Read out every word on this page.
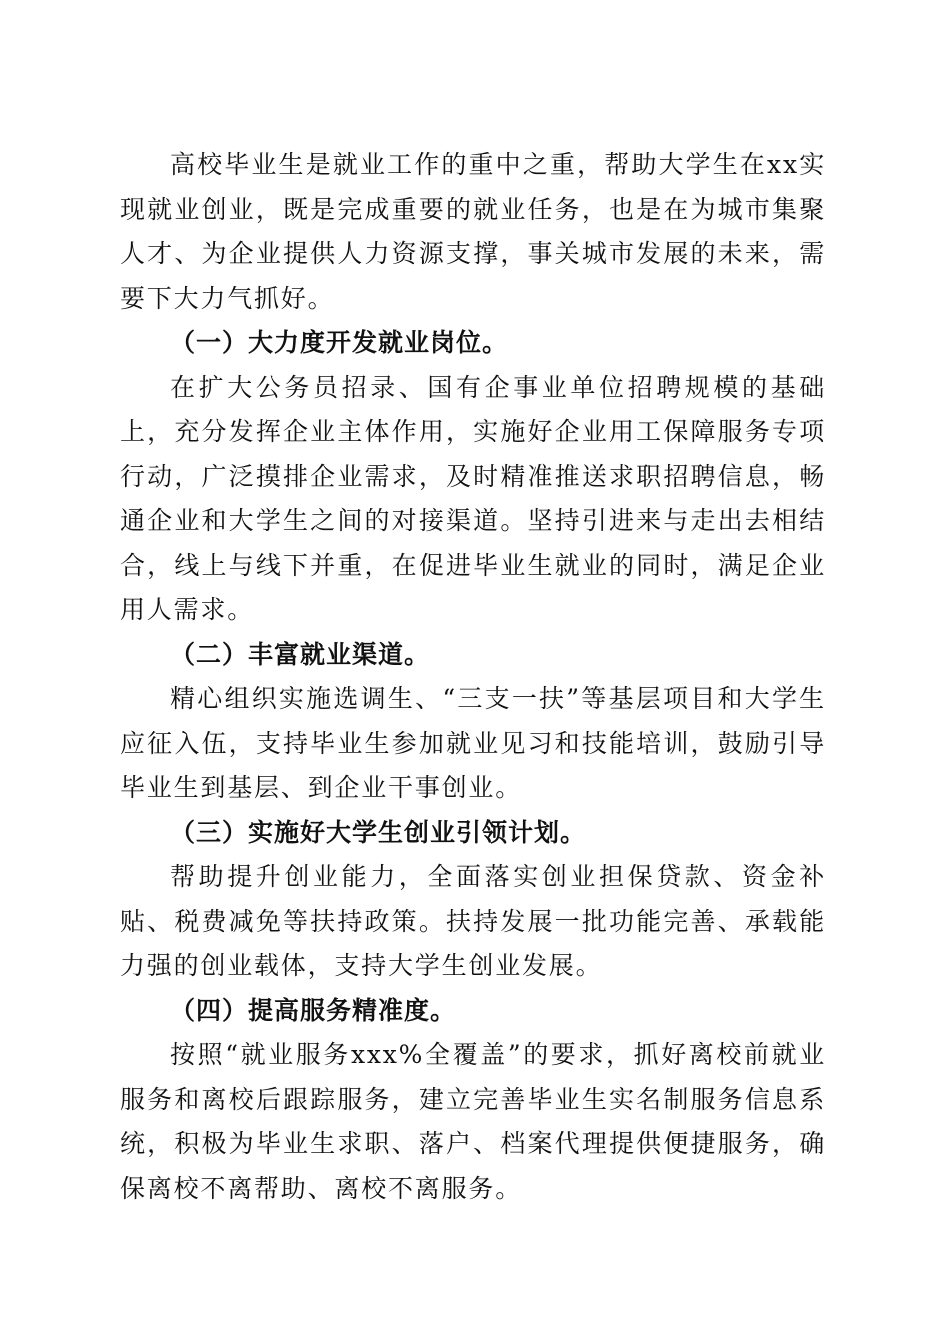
高校毕业生是就业工作的重中之重，帮助大学生在xx实现就业创业，既是完成重要的就业任务，也是在为城市集聚人才、为企业提供人力资源支撑，事关城市发展的未来，需要下大力气抓好。

（一）大力度开发就业岗位。

在扩大公务员招录、国有企事业单位招聘规模的基础上，充分发挥企业主体作用，实施好企业用工保障服务专项行动，广泛摸排企业需求，及时精准推送求职招聘信息，畅通企业和大学生之间的对接渠道。坚持引进来与走出去相结合，线上与线下并重，在促进毕业生就业的同时，满足企业用人需求。

（二）丰富就业渠道。

精心组织实施选调生、“三支一扶”等基层项目和大学生应征入伍，支持毕业生参加就业见习和技能培训，鼓励引导毕业生到基层、到企业干事创业。

（三）实施好大学生创业引领计划。

帮助提升创业能力，全面落实创业担保贷款、资金补贴、税费减免等扶持政策。扶持发展一批功能完善、承载能力强的创业载体，支持大学生创业发展。

（四）提高服务精准度。

按照“就业服务xxx%全覆盖”的要求，抓好离校前就业服务和离校后跟踪服务，建立完善毕业生实名制服务信息系统，积极为毕业生求职、落户、档案代理提供便捷服务，确保离校不离帮助、离校不离服务。
